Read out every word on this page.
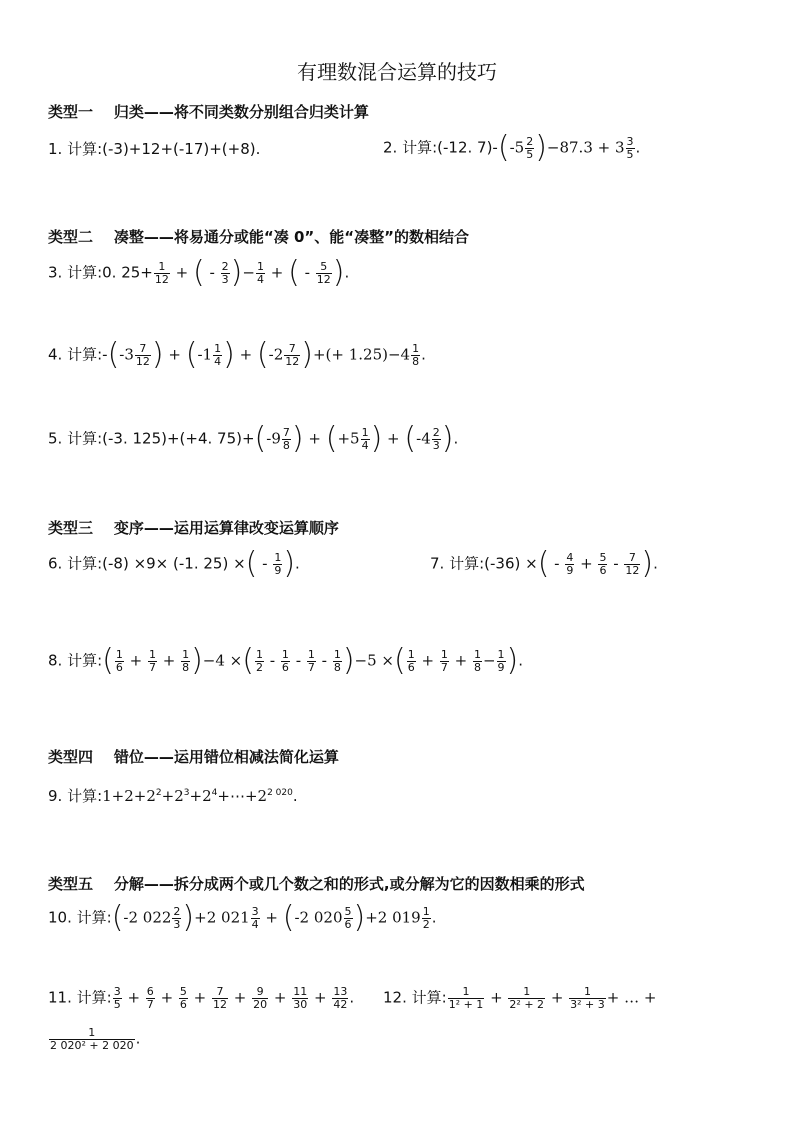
有理数混合运算的技巧
类型一 归类——将不同类数分别组合归类计算
1. 计算:(-3)+12+(-17)+(+8).	2. 计算:(-12. $7)-(-5 \frac{2}{5} )-87.3 + 3 \frac{3}{5}$ .
类型二 凑整——将易通分或能“凑 0”、能“凑整”的数相结合
3. 计算:0. $25+ \frac{1}{12}$ + ( - $\frac{2}{3}$ )− $\frac{1}{4}$ + ( - $\frac{5}{12}$ ).
4. 计算:-(-3 $\frac{7}{12}$ ) + ($-1 \frac{1}{4}$ ) + ($-2 \frac{7}{12}$ )+(+ $1.25)-4 \frac{1}{8}$ .
5. 计算:(-3. 125)+(+4. $75)+(-9 \frac{7}{8}$ ) + ($+5 \frac{1}{4}$ ) + ($-4 \frac{2}{3}$ ).
类型三 变序——运用运算律改变运算顺序
6. 计算:(-8) ×9× (-1. 25) ×( - $\frac{1}{9}$ ).	7. 计算:(-36) ×( - $\frac{4}{9} + \frac{5}{6} - \frac{7}{12}$ ).
8. 计算:( $\frac{1}{6} + \frac{1}{7} + \frac{1}{8} )-4$ ×( $\frac{1}{2} - \frac{1}{6} - \frac{1}{7} - \frac{1}{8} )-5$ ×( $\frac{1}{6} + \frac{1}{7} + \frac{1}{8} - \frac{1}{9}$ ).
类型四 错位——运用错位相减法简化运算
9. 计算$:1+2+2^2+2^3+2^4+\cdots+2^{2 020}$.
类型五 分解——拆分成两个或几个数之和的形式,或分解为它的因数相乘的形式
10. 计算:(-2 $022 \frac{2}{3} )+2$ $021 \frac{3}{4} + (-2$ $020 \frac{5}{6} )+2$ $019 \frac{1}{2}$ .
11. 计算: $\frac{3}{5} + \frac{6}{7} + \frac{5}{6} + \frac{7}{12} + \frac{9}{20} + \frac{11}{30} + \frac{13}{42}$ . 12. 计算: $\frac{1}{\text{1² + 1}} + \frac{1}{\text{2² + 2}} + \frac{1}{\text{3² + 3}}$ + … +
$\frac{1}{\text{2 020² + 2 020}}$ .
